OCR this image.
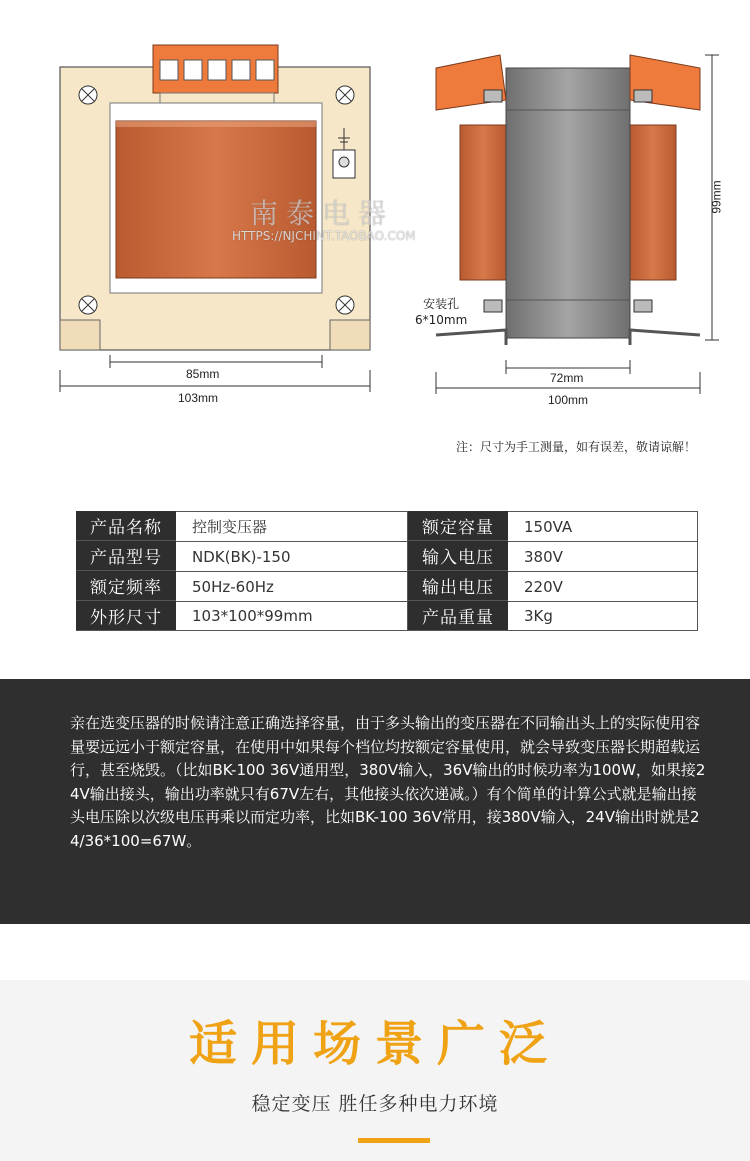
85mm
103mm
72mm
100mm
99mm
安装孔
6*10mm
南泰电器
HTTPS://NJCHINT.TAOBAO.COM
注：尺寸为手工测量，如有误差，敬请谅解！
产品名称	控制变压器	额定容量	150VA
产品型号	NDK(BK)-150	输入电压	380V
额定频率	50Hz-60Hz	输出电压	220V
外形尺寸	103*100*99mm	产品重量	3Kg

亲在选变压器的时候请注意正确选择容量，由于多头输出的变压器在不同输出头上的实际使用容量要远远小于额定容量，在使用中如果每个档位均按额定容量使用，就会导致变压器长期超载运行，甚至烧毁。（比如BK-100 36V通用型，380V输入，36V输出的时候功率为100W，如果接24V输出接头，输出功率就只有67V左右，其他接头依次递减。）有个简单的计算公式就是输出接头电压除以次级电压再乘以而定功率，比如BK-100 36V常用，接380V输入，24V输出时就是24/36*100=67W。

适用场景广泛
稳定变压 胜任多种电力环境
